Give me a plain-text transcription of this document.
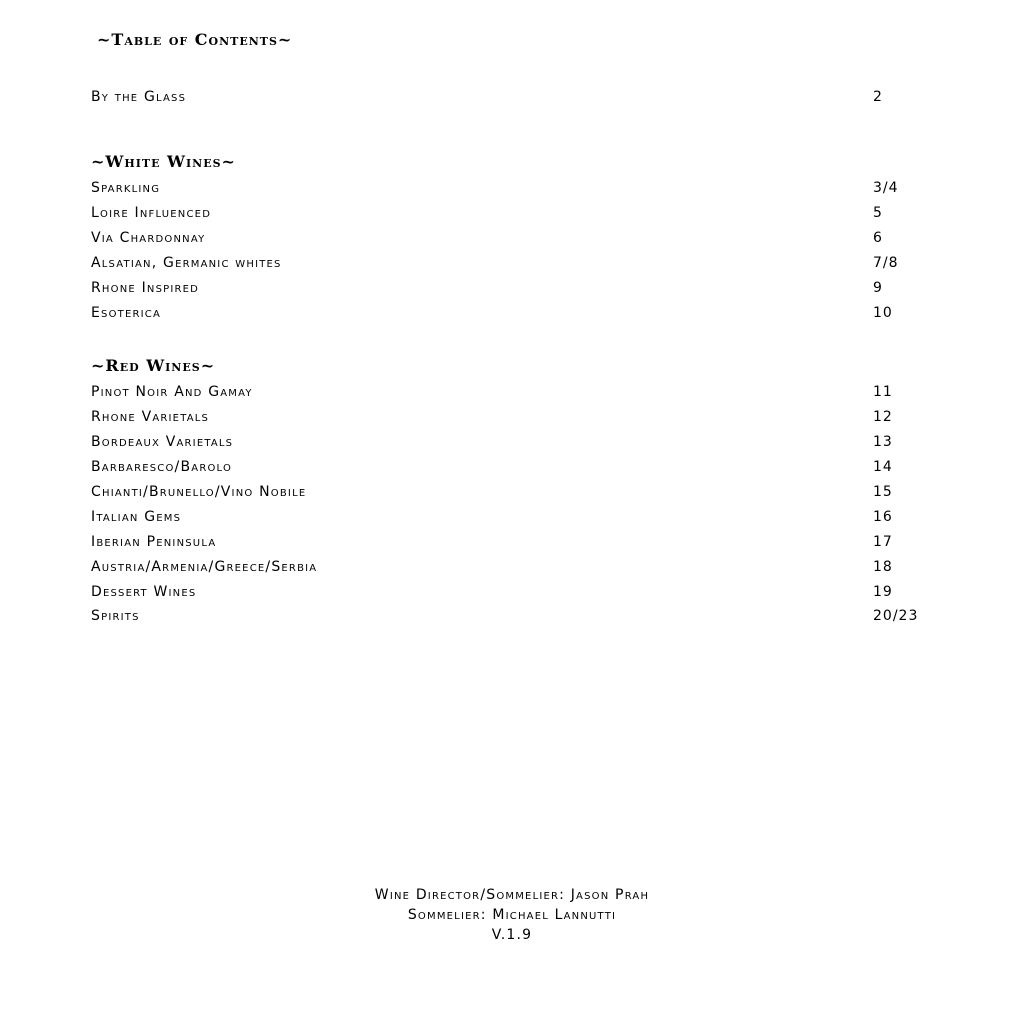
~Table of Contents~
By the Glass	2
~White Wines~
Sparkling	3/4
Loire Influenced	5
Via Chardonnay	6
Alsatian, Germanic whites	7/8
Rhone Inspired	9
Esoterica	10
~Red Wines~
Pinot Noir And Gamay	11
Rhone Varietals	12
Bordeaux Varietals	13
Barbaresco/Barolo	14
Chianti/Brunello/Vino Nobile	15
Italian Gems	16
Iberian Peninsula	17
Austria/Armenia/Greece/Serbia	18
Dessert Wines	19
Spirits	20/23
Wine Director/Sommelier: Jason Prah
Sommelier: Michael Lannutti
V.1.9
